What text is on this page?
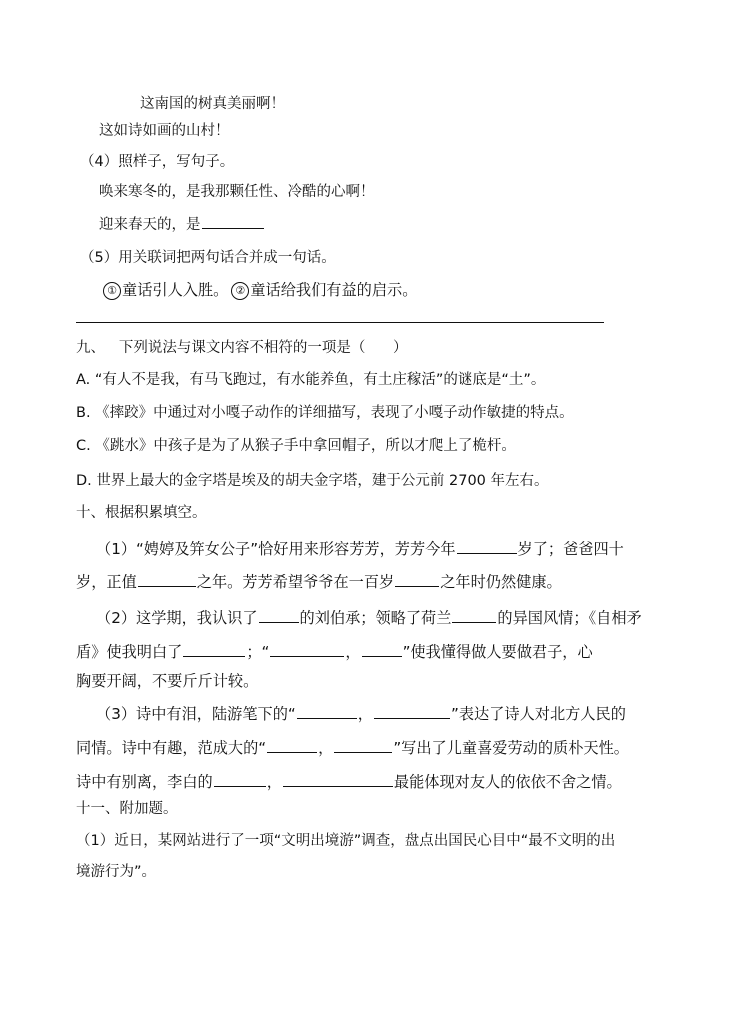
这南国的树真美丽啊！
这如诗如画的山村！
（4）照样子，写句子。
唤来寒冬的，是我那颗任性、冷酷的心啊！
迎来春天的，是
（5）用关联词把两句话合并成一句话。
① 童话引人入胜。 ② 童话给我们有益的启示。
九、   下列说法与课文内容不相符的一项是（      ）
A. “有人不是我，有马飞跑过，有水能养鱼，有土庄稼活”的谜底是“土”。
B. 《摔跤》中通过对小嘎子动作的详细描写，表现了小嘎子动作敏捷的特点。
C. 《跳水》中孩子是为了从猴子手中拿回帽子，所以才爬上了桅杆。
D. 世界上最大的金字塔是埃及的胡夫金字塔，建于公元前 2700 年左右。
十、根据积累填空。
（1）“娉婷及笄女公子”恰好用来形容芳芳，芳芳今年	岁了；爸爸四十
岁，正值	之年。芳芳希望爷爷在一百岁	之年时仍然健康。
（2）这学期，我认识了	的刘伯承；领略了荷兰	的异国风情；《自相矛
盾》使我明白了	；“	，	”使我懂得做人要做君子，心
胸要开阔，不要斤斤计较。
（3）诗中有泪，陆游笔下的“	，	”表达了诗人对北方人民的
同情。诗中有趣，范成大的“	，	”写出了儿童喜爱劳动的质朴天性。
诗中有别离，李白的	，	最能体现对友人的依依不舍之情。
十一、附加题。
（1）近日，某网站进行了一项“文明出境游”调查，盘点出国民心目中“最不文明的出
境游行为”。
